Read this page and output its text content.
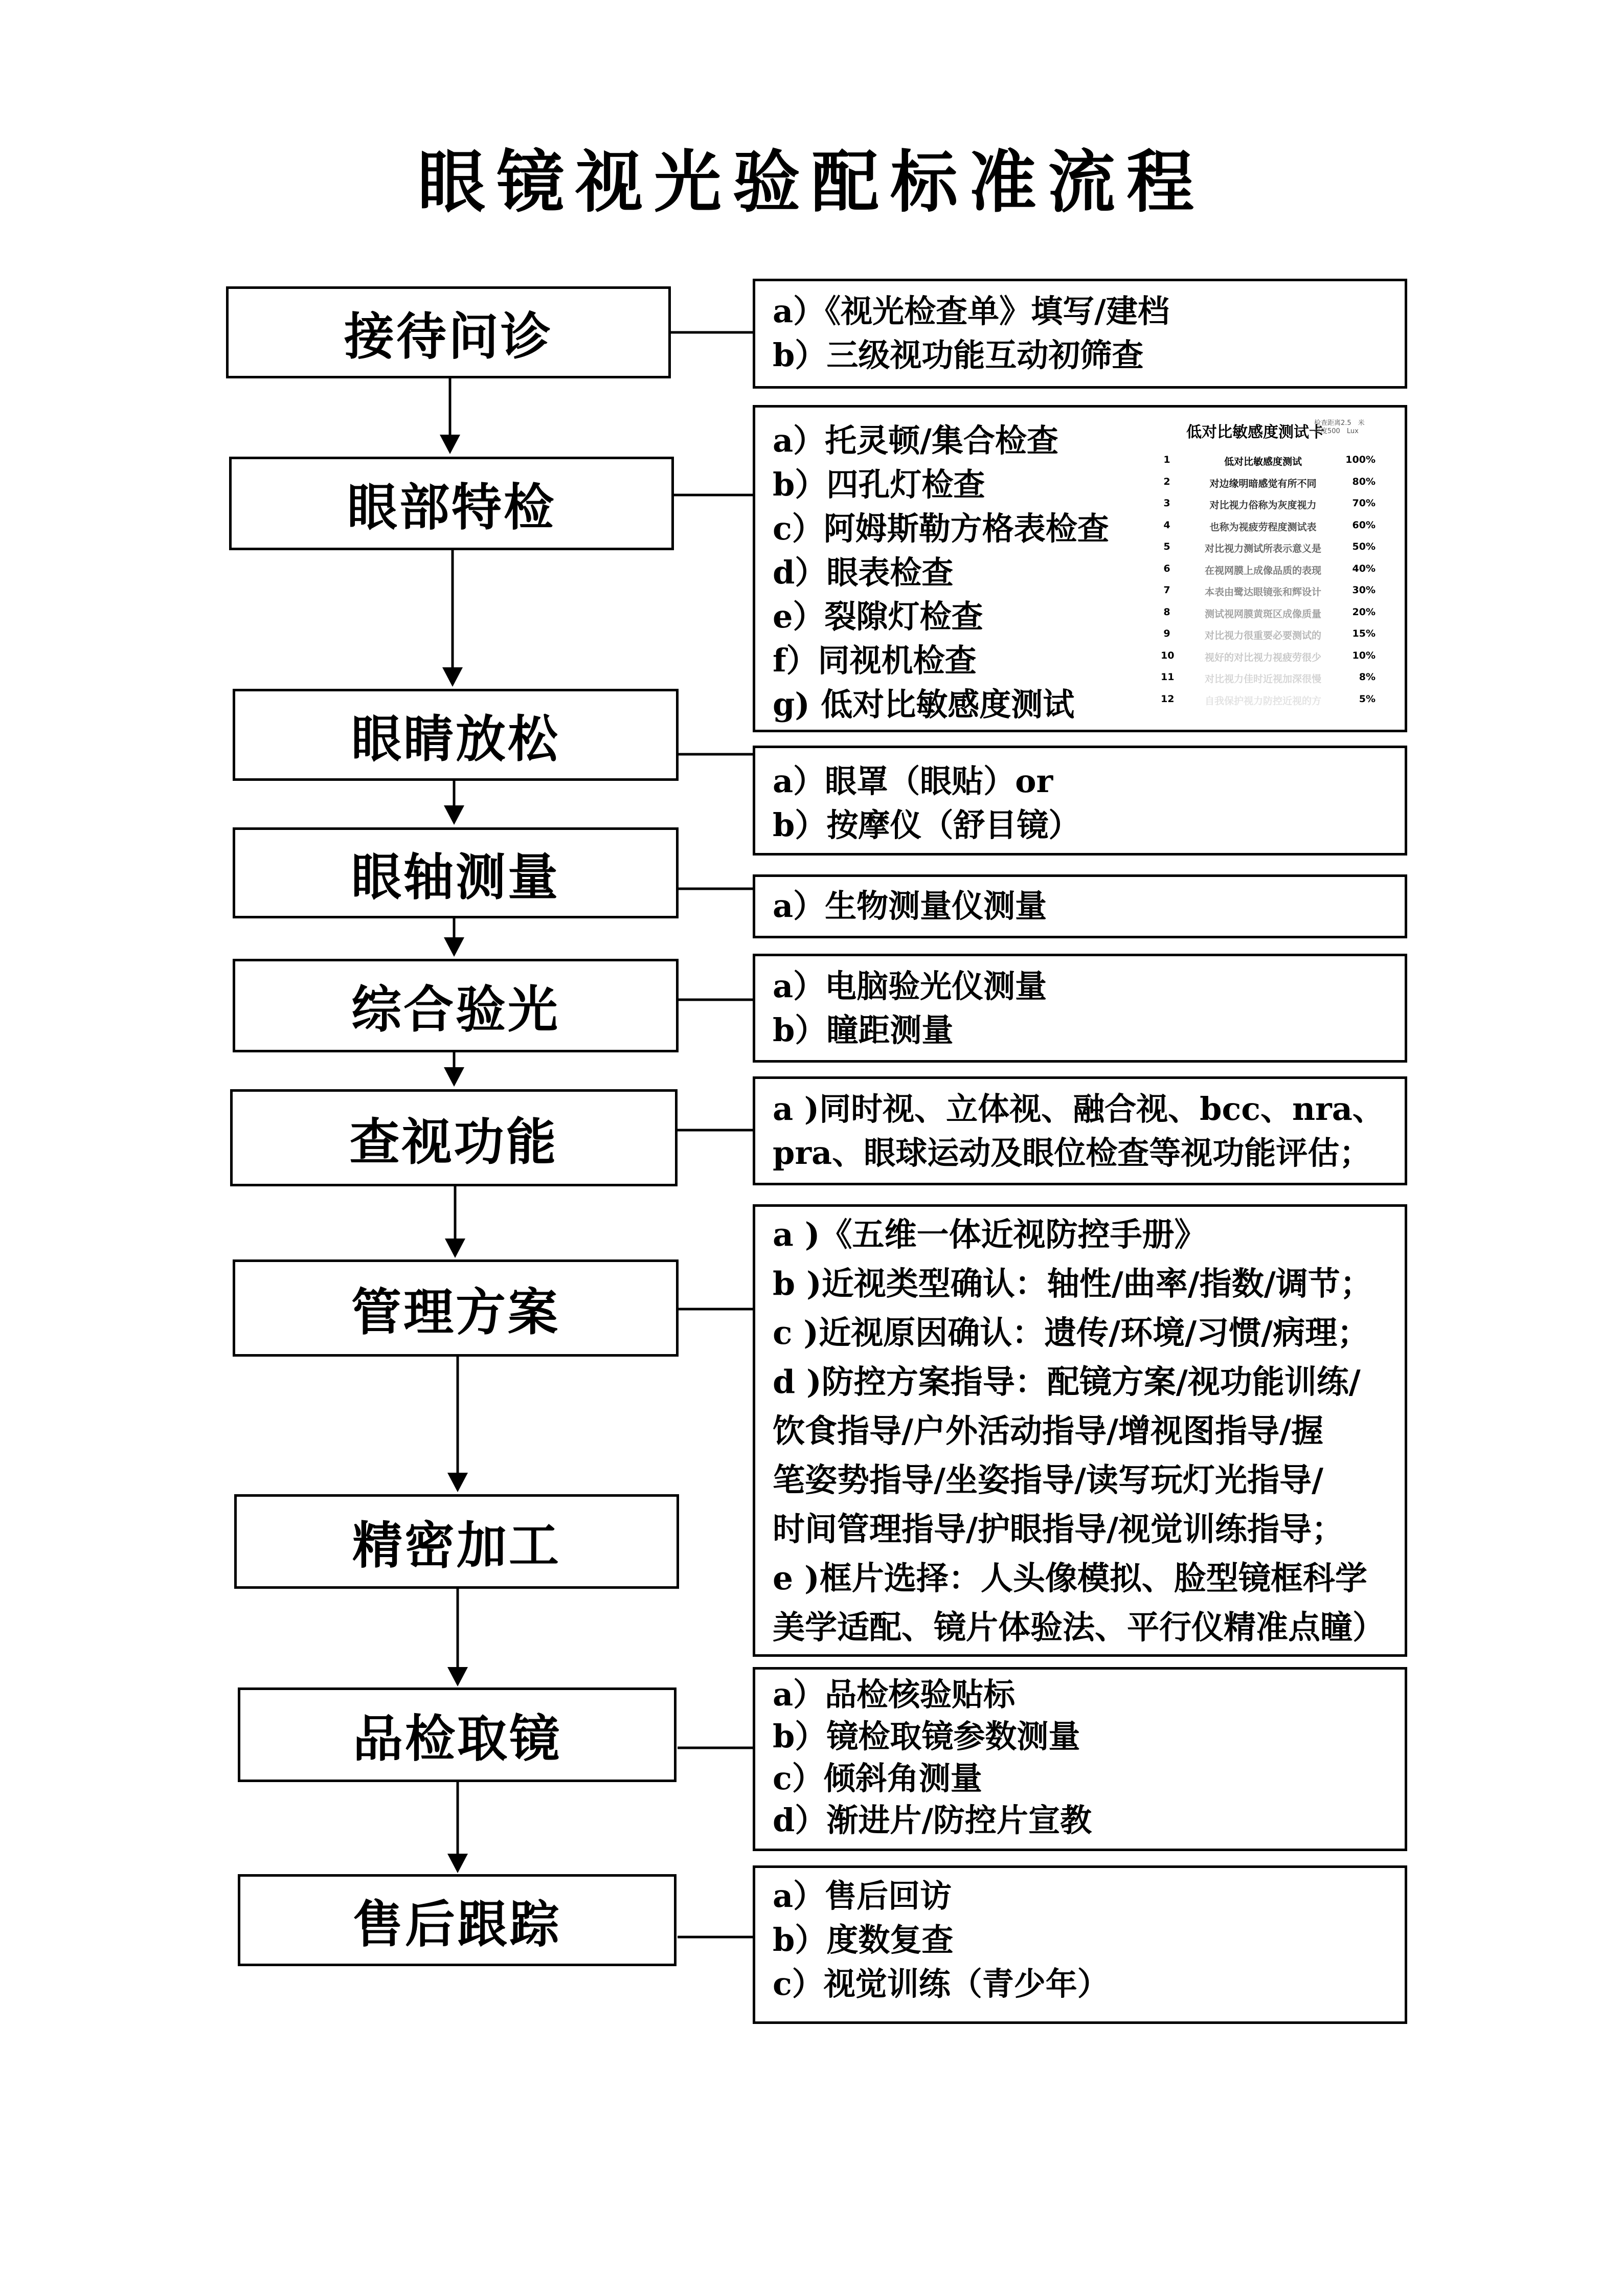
眼镜视光验配标准流程
接待问诊
眼部特检
眼睛放松
眼轴测量
综合验光
查视功能
管理方案
精密加工
品检取镜
售后跟踪
a）《视光检查单》填写/建档
b）三级视功能互动初筛查
a）托灵顿/集合检查
b）四孔灯检查
c）阿姆斯勒方格表检查
d）眼表检查
e）裂隙灯检查
f）同视机检查
g) 低对比敏感度测试
a）眼罩（眼贴）or
b）按摩仪（舒目镜）
a）生物测量仪测量
a）电脑验光仪测量
b）瞳距测量
a )同时视、立体视、融合视、bcc、nra、
pra、眼球运动及眼位检查等视功能评估；
a )《五维一体近视防控手册》
b )近视类型确认：轴性/曲率/指数/调节；
c )近视原因确认：遗传/环境/习惯/病理；
d )防控方案指导：配镜方案/视功能训练/
饮食指导/户外活动指导/增视图指导/握
笔姿势指导/坐姿指导/读写玩灯光指导/
时间管理指导/护眼指导/视觉训练指导；
e )框片选择：人头像模拟、脸型镜框科学
美学适配、镜片体验法、平行仪精准点瞳）
a）品检核验贴标
b）镜检取镜参数测量
c）倾斜角测量
d）渐进片/防控片宣教
a）售后回访
b）度数复查
c）视觉训练（青少年）
低对比敏感度测试卡
检查距离2.5　米
亮度500　Lux
1	低对比敏感度测试	100%
2	对边缘明暗感觉有所不同	80%
3	对比视力俗称为灰度视力	70%
4	也称为视疲劳程度测试表	60%
5	对比视力测试所表示意义是	50%
6	在视网膜上成像品质的表现	40%
7	本表由鹭达眼镜张和辉设计	30%
8	测试视网膜黄斑区成像质量	20%
9	对比视力很重要必要测试的	15%
10	视好的对比视力视疲劳很少	10%
11	对比视力佳时近视加深很慢	8%
12	自我保护视力防控近视的方	5%
